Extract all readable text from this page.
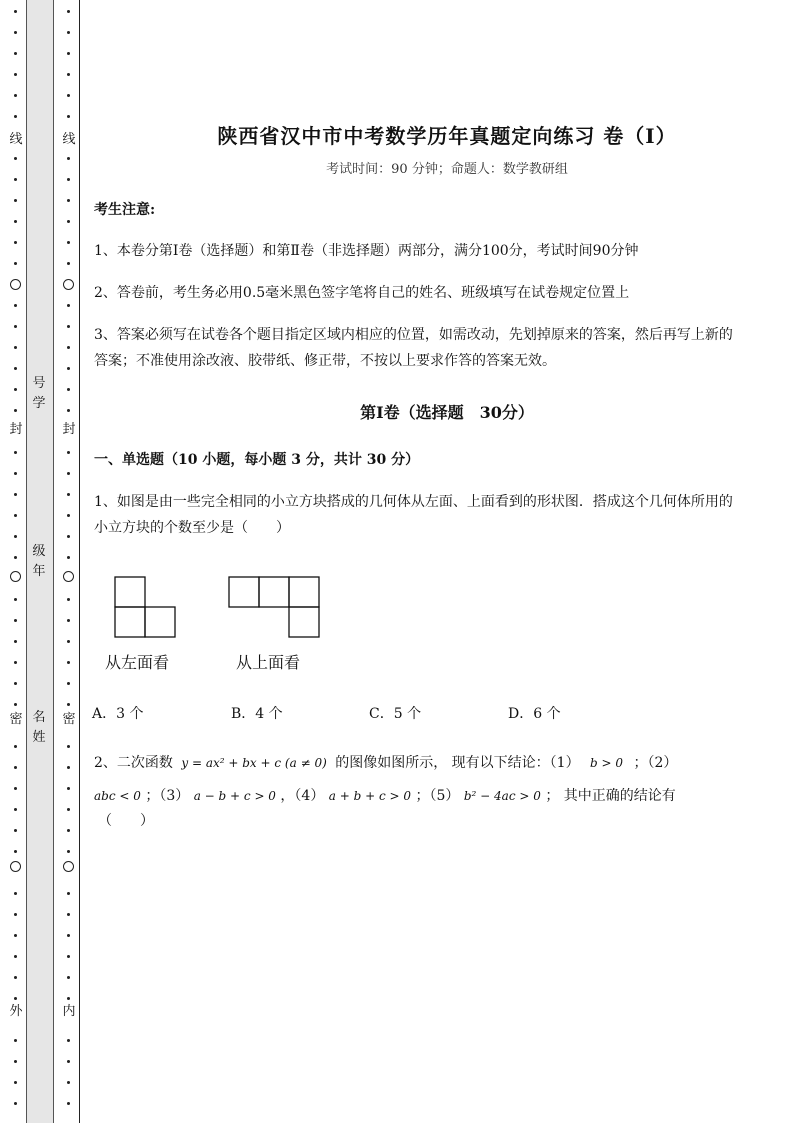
线
封
密
外
号
学
级
年
名
姓
线
封
密
内
陕西省汉中市中考数学历年真题定向练习 卷（Ⅰ）
考试时间：90 分钟；命题人：数学教研组
考生注意:
1、本卷分第Ⅰ卷（选择题）和第Ⅱ卷（非选择题）两部分，满分100分，考试时间90分钟
2、答卷前，考生务必用0.5毫米黑色签字笔将自己的姓名、班级填写在试卷规定位置上
3、答案必须写在试卷各个题目指定区域内相应的位置，如需改动，先划掉原来的答案，然后再写上新的答案；不准使用涂改液、胶带纸、修正带，不按以上要求作答的答案无效。
第Ⅰ卷（选择题　30分）
一、单选题（10 小题，每小题 3 分，共计 30 分）
1、如图是由一些完全相同的小立方块搭成的几何体从左面、上面看到的形状图．搭成这个几何体所用的小立方块的个数至少是（　　）
从左面看	从上面看
A．3 个	B．4 个	C．5 个	D．6 个
2、二次函数 y = ax² + bx + c (a ≠ 0) 的图像如图所示， 现有以下结论：（1） b > 0 ；（2）
abc < 0 ；（3） a − b + c > 0 ，（4） a + b + c > 0 ；（5） b² − 4ac > 0 ； 其中正确的结论有
（　　）
